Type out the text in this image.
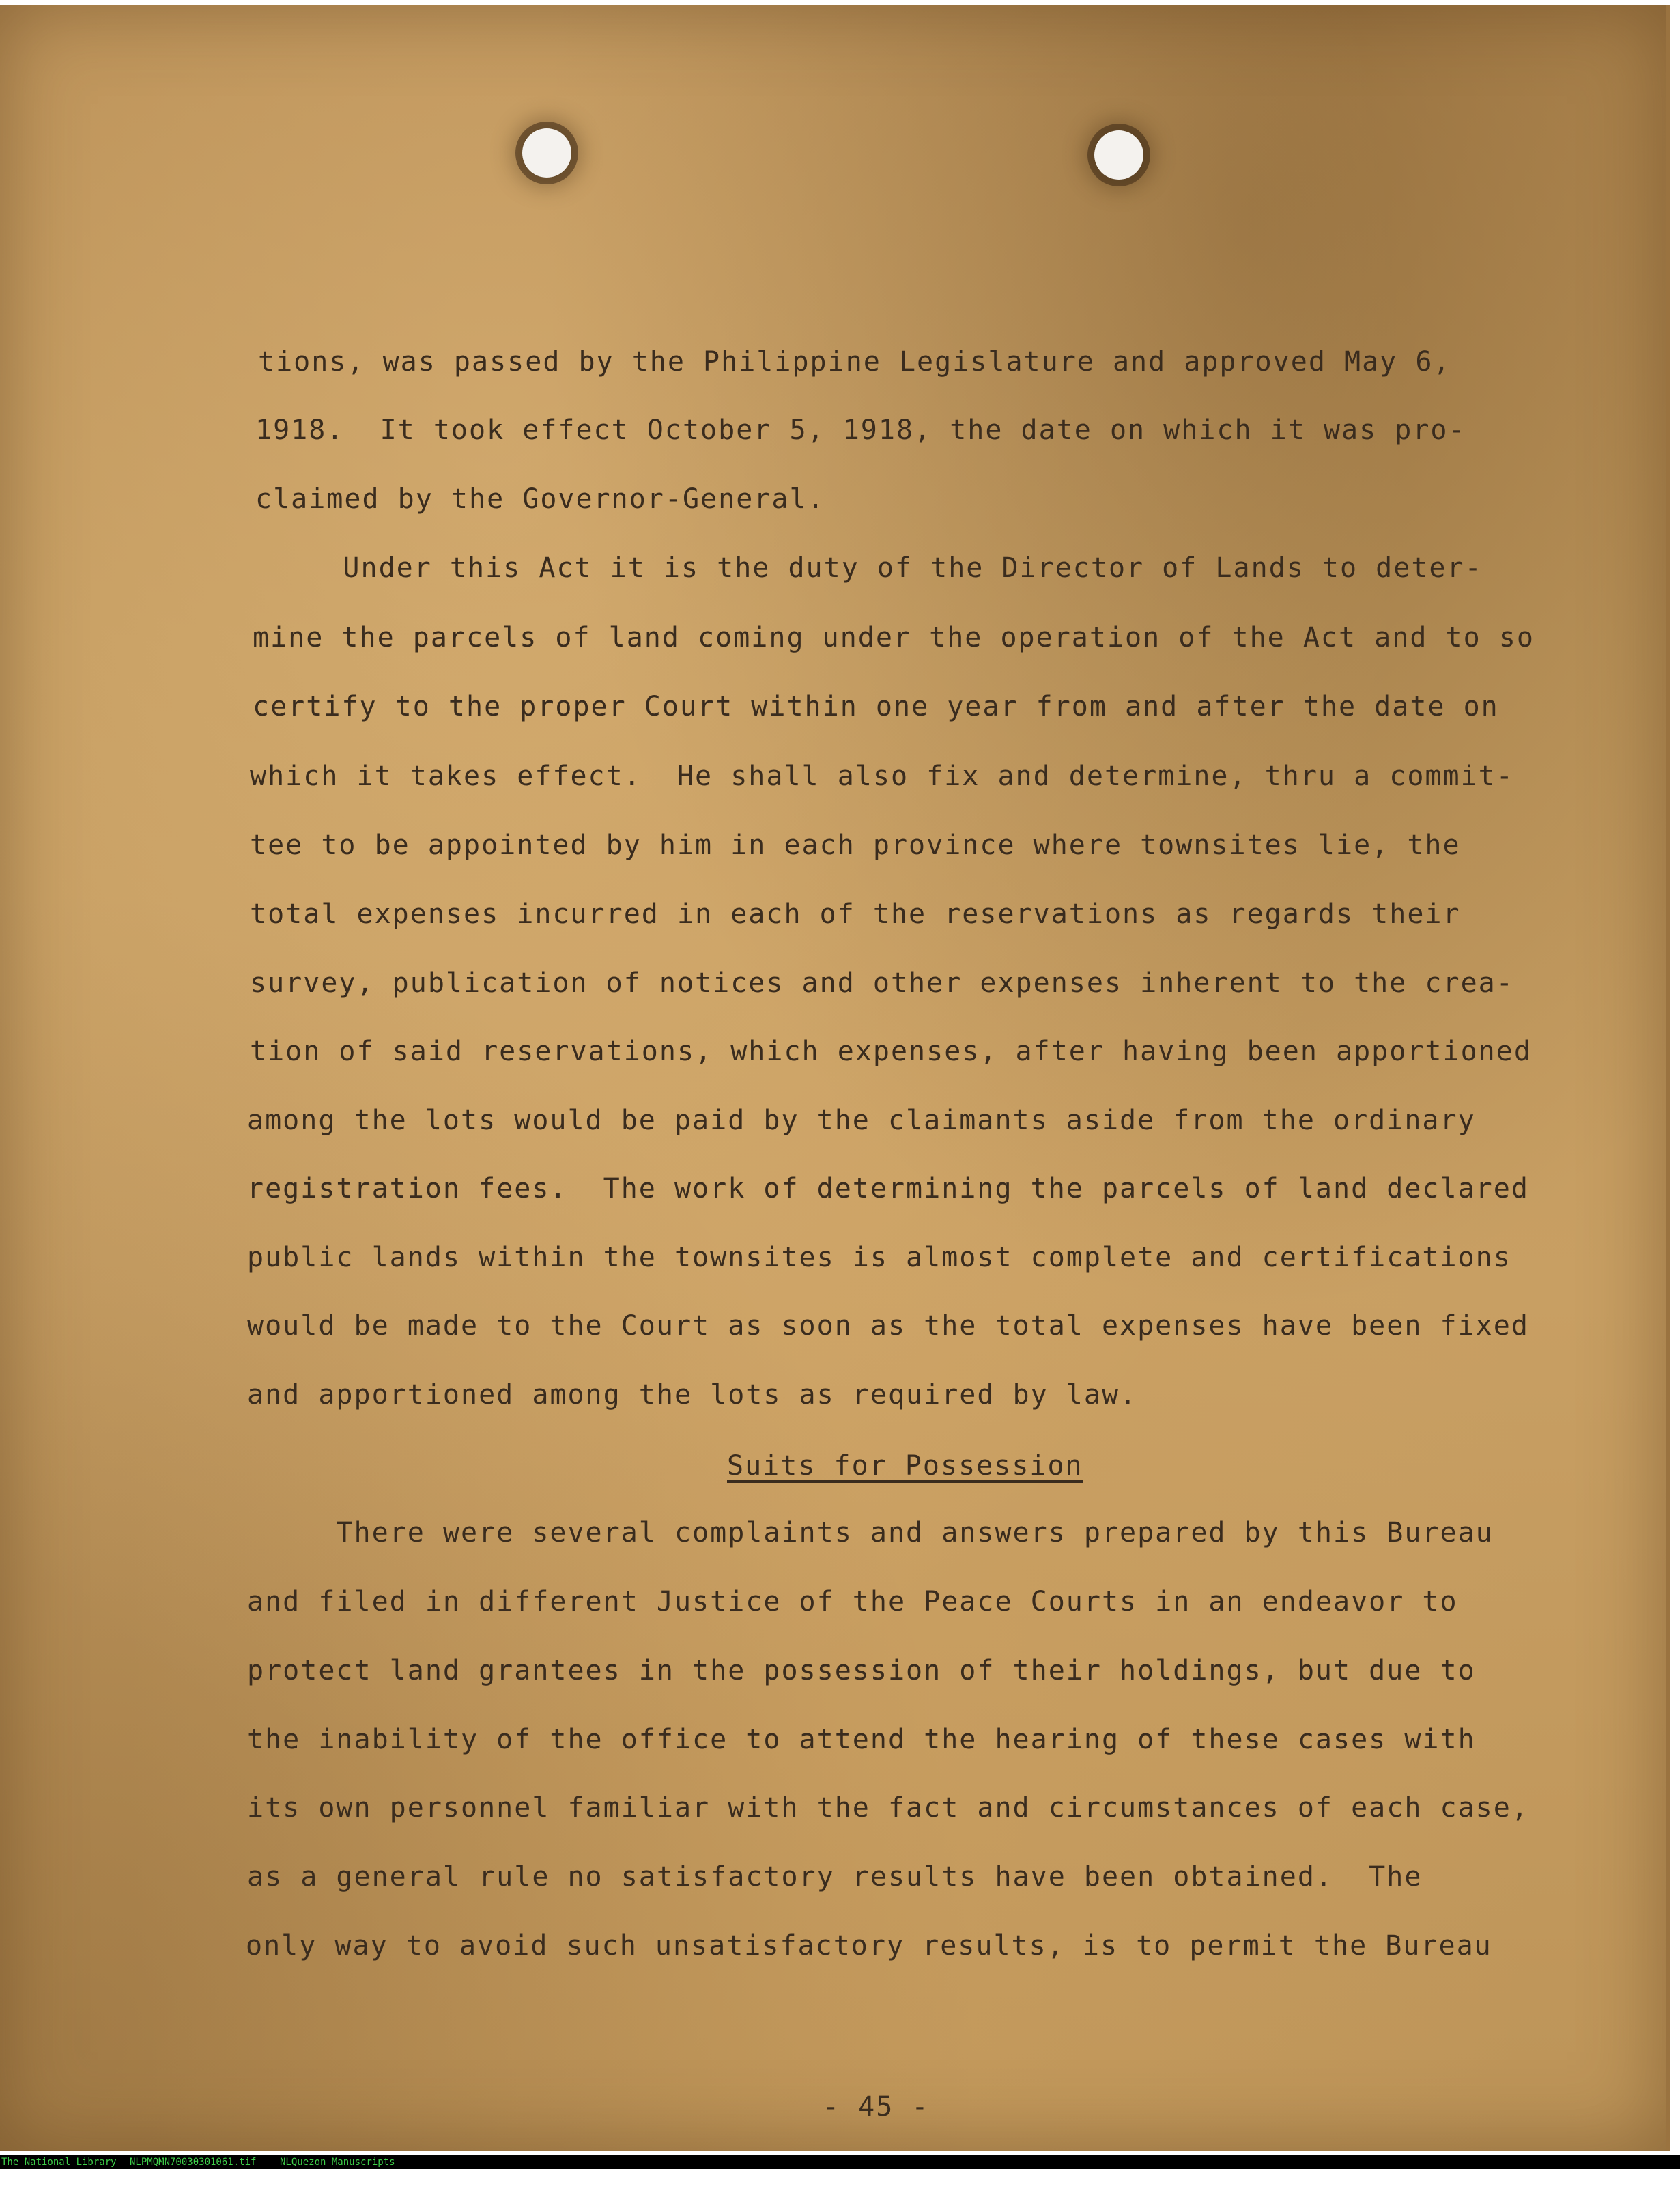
tions, was passed by the Philippine Legislature and approved May 6,
1918.  It took effect October 5, 1918, the date on which it was pro-
claimed by the Governor-General.
Under this Act it is the duty of the Director of Lands to deter-
mine the parcels of land coming under the operation of the Act and to so
certify to the proper Court within one year from and after the date on
which it takes effect.  He shall also fix and determine, thru a commit-
tee to be appointed by him in each province where townsites lie, the
total expenses incurred in each of the reservations as regards their
survey, publication of notices and other expenses inherent to the crea-
tion of said reservations, which expenses, after having been apportioned
among the lots would be paid by the claimants aside from the ordinary
registration fees.  The work of determining the parcels of land declared
public lands within the townsites is almost complete and certifications
would be made to the Court as soon as the total expenses have been fixed
and apportioned among the lots as required by law.
Suits for Possession
There were several complaints and answers prepared by this Bureau
and filed in different Justice of the Peace Courts in an endeavor to
protect land grantees in the possession of their holdings, but due to
the inability of the office to attend the hearing of these cases with
its own personnel familiar with the fact and circumstances of each case,
as a general rule no satisfactory results have been obtained.  The
only way to avoid such unsatisfactory results, is to permit the Bureau
- 45 -

The National Library

NLPMQMN70030301061.tif

NLQuezon Manuscripts
